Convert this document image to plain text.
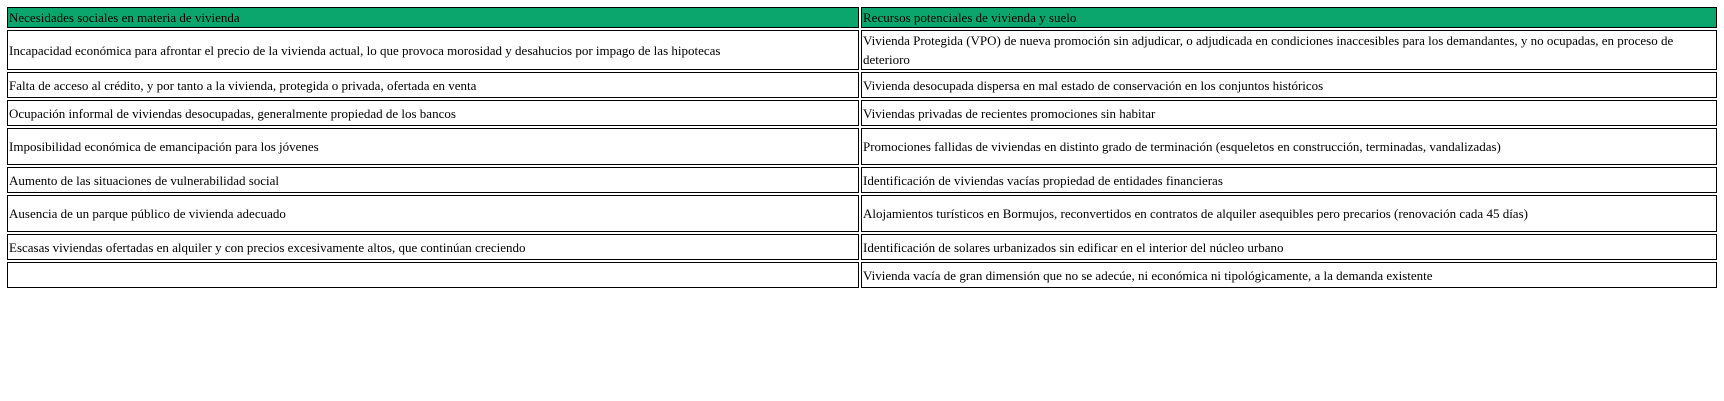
Necesidades sociales en materia de vivienda	Recursos potenciales de vivienda y suelo
Incapacidad económica para afrontar el precio de la vivienda actual, lo que provoca morosidad y desahucios por impago de las hipotecas	Vivienda Protegida (VPO) de nueva promoción sin adjudicar, o adjudicada en condiciones inaccesibles para los demandantes, y no ocupadas, en proceso de deterioro
Falta de acceso al crédito, y por tanto a la vivienda, protegida o privada, ofertada en venta	Vivienda desocupada dispersa en mal estado de conservación en los conjuntos históricos
Ocupación informal de viviendas desocupadas, generalmente propiedad de los bancos	Viviendas privadas de recientes promociones sin habitar
Imposibilidad económica de emancipación para los jóvenes	Promociones fallidas de viviendas en distinto grado de terminación (esqueletos en construcción, terminadas, vandalizadas)
Aumento de las situaciones de vulnerabilidad social	Identificación de viviendas vacías propiedad de entidades financieras
Ausencia de un parque público de vivienda adecuado	Alojamientos turísticos en Bormujos, reconvertidos en contratos de alquiler asequibles pero precarios (renovación cada 45 días)
Escasas viviendas ofertadas en alquiler y con precios excesivamente altos, que continúan creciendo	Identificación de solares urbanizados sin edificar en el interior del núcleo urbano
	Vivienda vacía de gran dimensión que no se adecúe, ni económica ni tipológicamente, a la demanda existente
